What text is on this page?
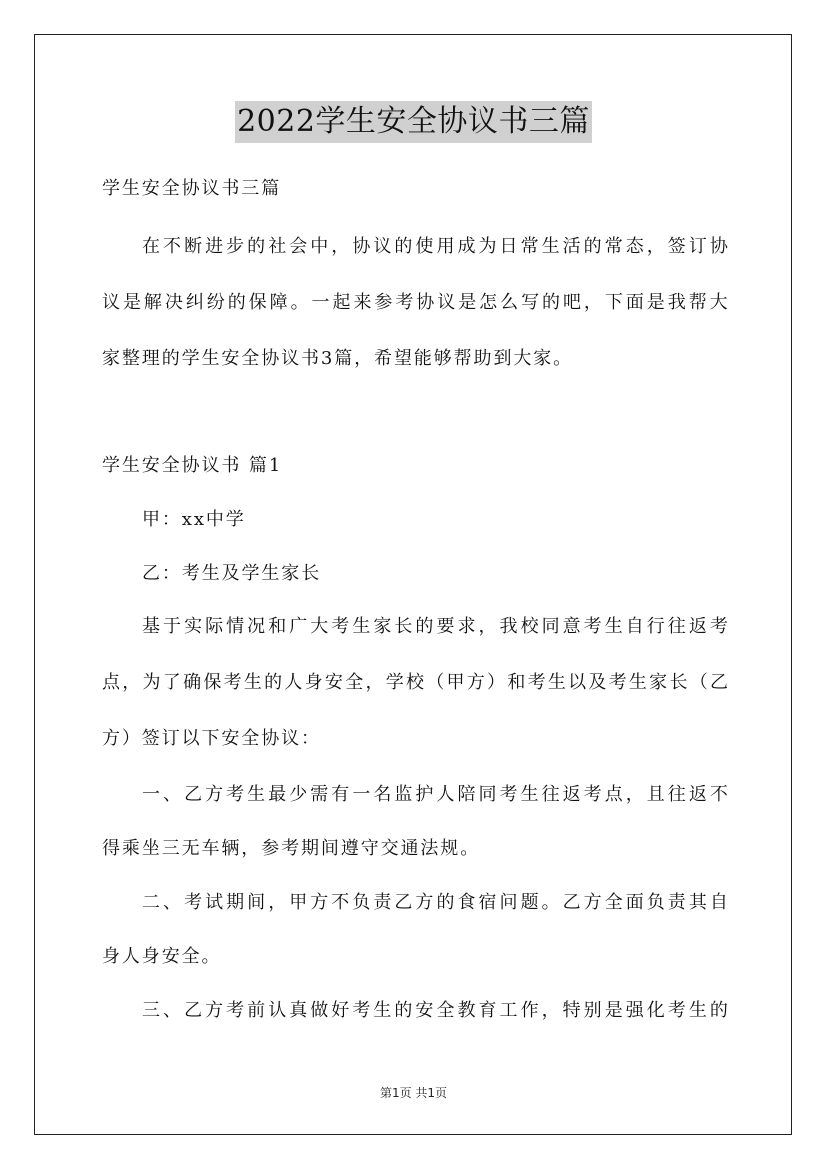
2022学生安全协议书三篇
学生安全协议书三篇
在 不 断 进 步 的 社 会 中 ， 协 议 的 使 用 成 为 日 常 生 活 的 常 态 ， 签 订 协
议 是 解 决 纠 纷 的 保 障 。 一 起 来 参 考 协 议 是 怎 么 写 的 吧 ， 下 面 是 我 帮 大
家整理的学生安全协议书3篇，希望能够帮助到大家。
学生安全协议书 篇1
甲：xx中学
乙：考生及学生家长
基 于 实 际 情 况 和 广 大 考 生 家 长 的 要 求 ， 我 校 同 意 考 生 自 行 往 返 考
点 ， 为 了 确 保 考 生 的 人 身 安 全 ， 学 校 （ 甲 方 ） 和 考 生 以 及 考 生 家 长 （ 乙
方）签订以下安全协议：
一 、 乙 方 考 生 最 少 需 有 一 名 监 护 人 陪 同 考 生 往 返 考 点 ， 且 往 返 不
得乘坐三无车辆，参考期间遵守交通法规。
二 、 考 试 期 间 ， 甲 方 不 负 责 乙 方 的 食 宿 问 题 。 乙 方 全 面 负 责 其 自
身人身安全。
三 、 乙 方 考 前 认 真 做 好 考 生 的 安 全 教 育 工 作 ， 特 别 是 强 化 考 生 的
第1页 共1页
